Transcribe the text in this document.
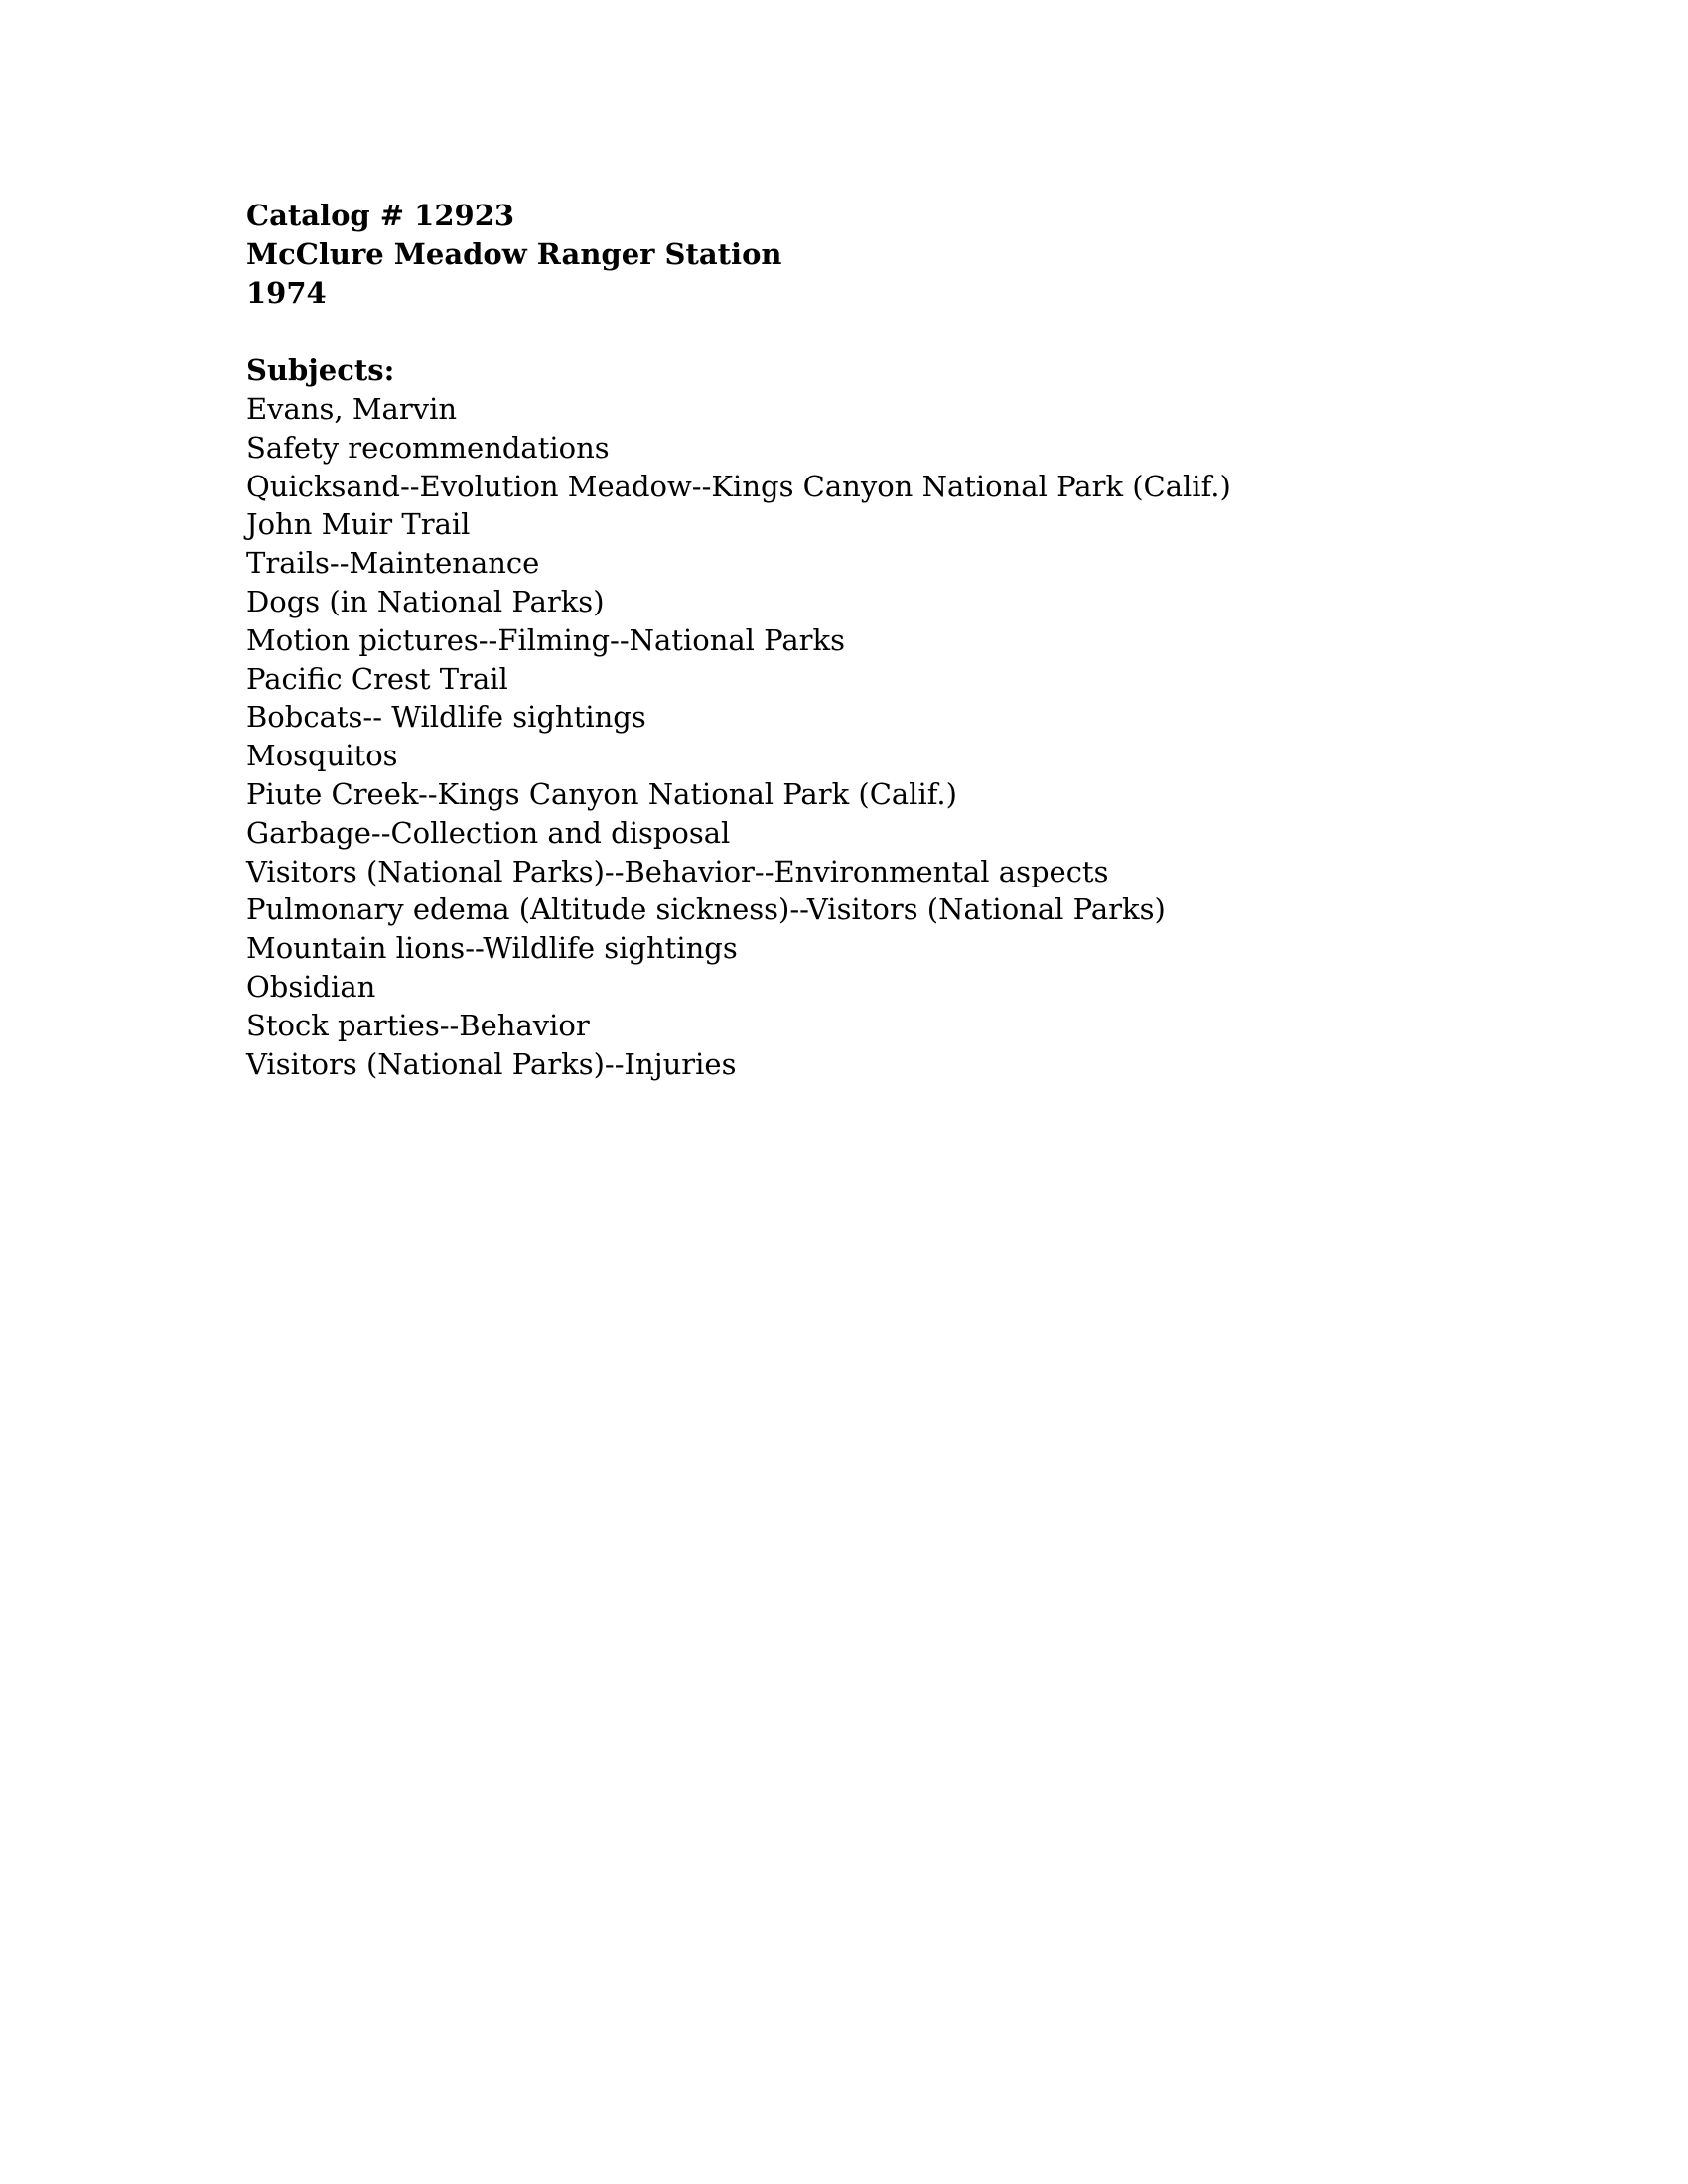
Catalog # 12923
McClure Meadow Ranger Station
1974
Subjects:
Evans, Marvin
Safety recommendations
Quicksand--Evolution Meadow--Kings Canyon National Park (Calif.)
John Muir Trail
Trails--Maintenance
Dogs (in National Parks)
Motion pictures--Filming--National Parks
Pacific Crest Trail
Bobcats-- Wildlife sightings
Mosquitos
Piute Creek--Kings Canyon National Park (Calif.)
Garbage--Collection and disposal
Visitors (National Parks)--Behavior--Environmental aspects
Pulmonary edema (Altitude sickness)--Visitors (National Parks)
Mountain lions--Wildlife sightings
Obsidian
Stock parties--Behavior
Visitors (National Parks)--Injuries
